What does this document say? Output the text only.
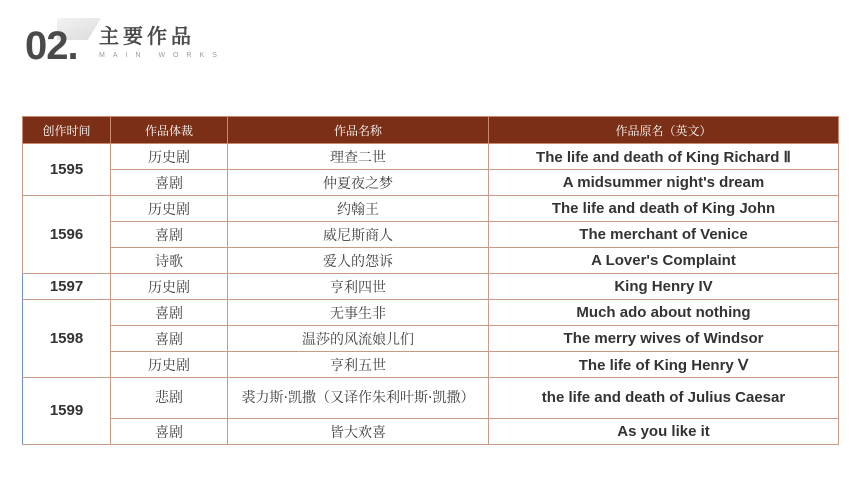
02. 主要作品
MAIN WORKS
创作时间	作品体裁	作品名称	作品原名（英文）
1595	历史剧	理查二世	The life and death of King Richard Ⅱ
	喜剧	仲夏夜之梦	A midsummer night's dream
1596	历史剧	约翰王	The life and death of King John
	喜剧	威尼斯商人	The merchant of Venice
	诗歌	爱人的怨诉	A Lover's Complaint
1597	历史剧	亨利四世	King Henry IV
1598	喜剧	无事生非	Much ado about nothing
	喜剧	温莎的风流娘儿们	The merry wives of Windsor
	历史剧	亨利五世	The life of King Henry Ⅴ
1599	悲剧	裘力斯·凯撒（又译作朱利叶斯·凯撒）	the life and death of Julius Caesar
	喜剧	皆大欢喜	As you like it
